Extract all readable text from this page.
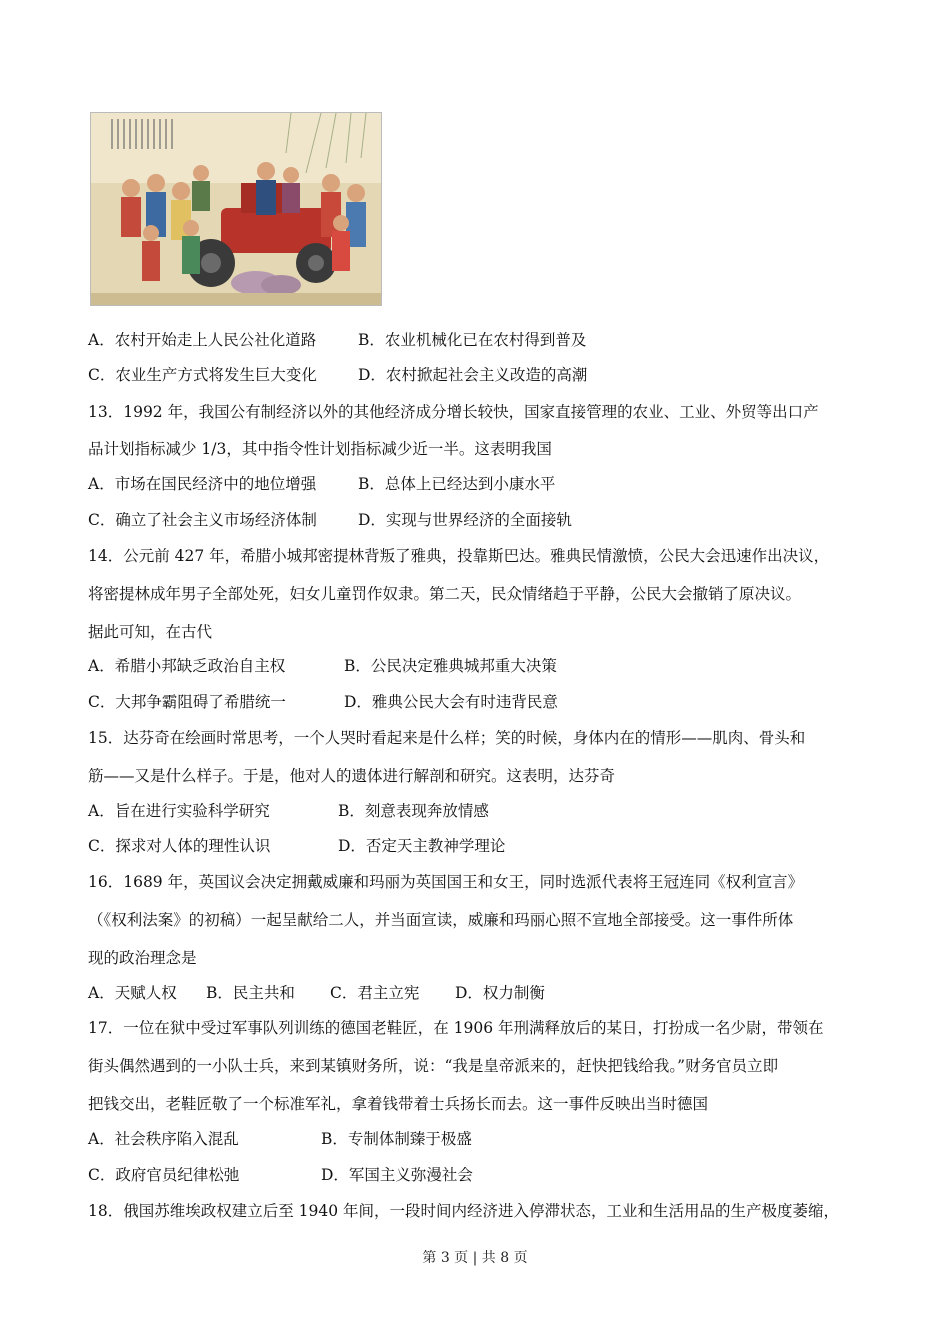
A．农村开始走上人民公社化道路	B．农业机械化已在农村得到普及
C．农业生产方式将发生巨大变化	D．农村掀起社会主义改造的高潮
13．1992 年，我国公有制经济以外的其他经济成分增长较快，国家直接管理的农业、工业、外贸等出口产
品计划指标减少 1/3，其中指令性计划指标减少近一半。这表明我国
A．市场在国民经济中的地位增强	B．总体上已经达到小康水平
C．确立了社会主义市场经济体制	D．实现与世界经济的全面接轨
14．公元前 427 年，希腊小城邦密提林背叛了雅典，投靠斯巴达。雅典民情激愤，公民大会迅速作出决议，
将密提林成年男子全部处死，妇女儿童罚作奴隶。第二天，民众情绪趋于平静，公民大会撤销了原决议。
据此可知，在古代
A．希腊小邦缺乏政治自主权	B．公民决定雅典城邦重大决策
C．大邦争霸阻碍了希腊统一	D．雅典公民大会有时违背民意
15．达芬奇在绘画时常思考，一个人哭时看起来是什么样；笑的时候，身体内在的情形——肌肉、骨头和
筋——又是什么样子。于是，他对人的遗体进行解剖和研究。这表明，达芬奇
A．旨在进行实验科学研究	B．刻意表现奔放情感
C．探求对人体的理性认识	D．否定天主教神学理论
16．1689 年，英国议会决定拥戴威廉和玛丽为英国国王和女王，同时选派代表将王冠连同《权利宣言》
（《权利法案》的初稿）一起呈献给二人，并当面宣读，威廉和玛丽心照不宣地全部接受。这一事件所体
现的政治理念是
A．天赋人权 B．民主共和 C．君主立宪 D．权力制衡
17．一位在狱中受过军事队列训练的德国老鞋匠，在 1906 年刑满释放后的某日，打扮成一名少尉，带领在
街头偶然遇到的一小队士兵，来到某镇财务所，说：“我是皇帝派来的，赶快把钱给我。”财务官员立即
把钱交出，老鞋匠敬了一个标准军礼，拿着钱带着士兵扬长而去。这一事件反映出当时德国
A．社会秩序陷入混乱	B．专制体制臻于极盛
C．政府官员纪律松弛	D．军国主义弥漫社会
18．俄国苏维埃政权建立后至 1940 年间，一段时间内经济进入停滞状态，工业和生活用品的生产极度萎缩，
第 3 页 | 共 8 页
